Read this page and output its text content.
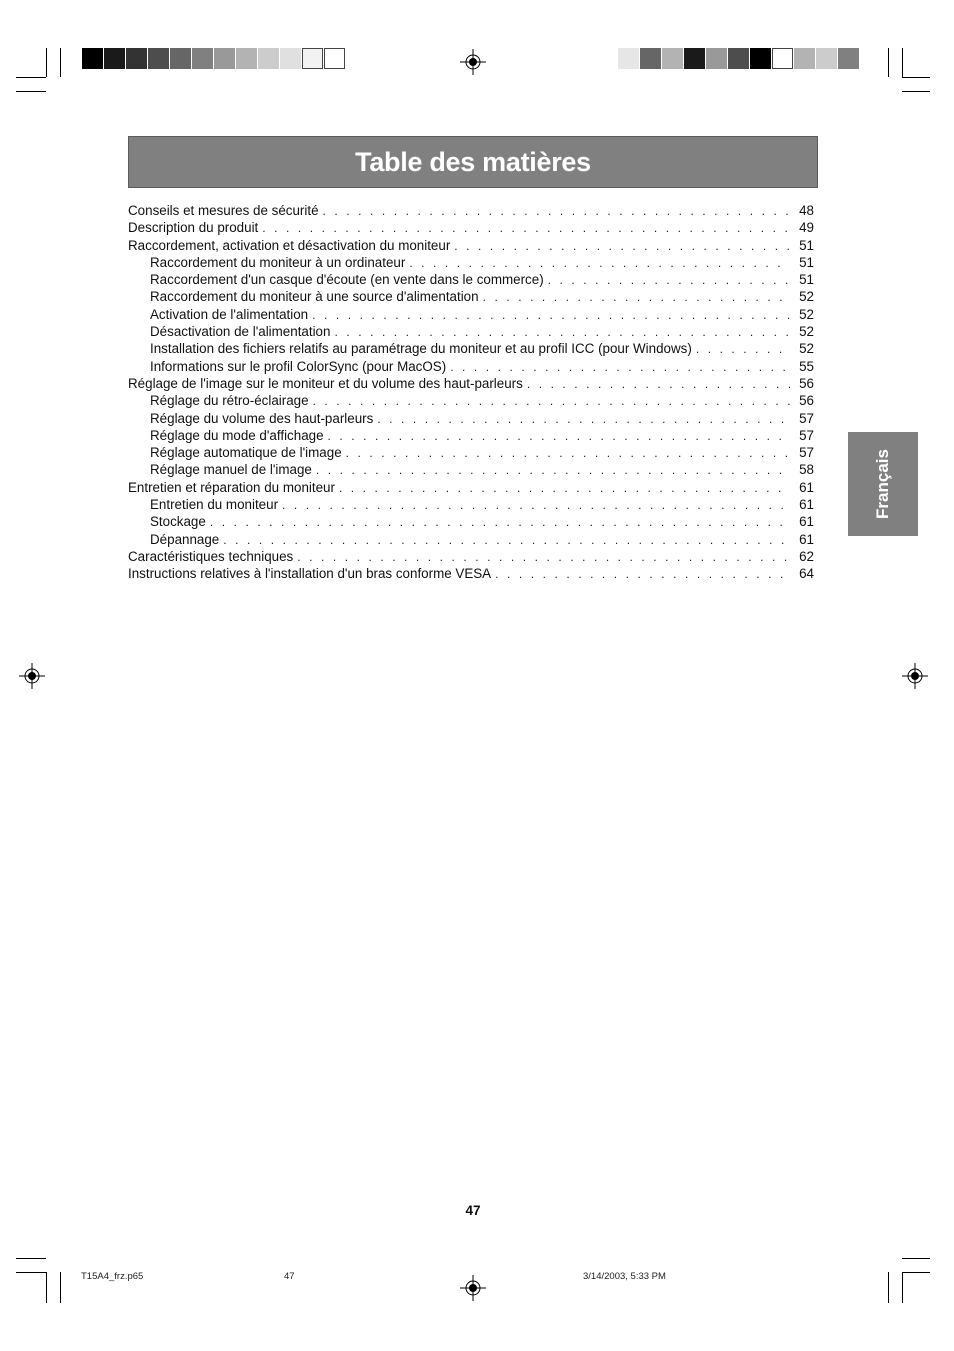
Table des matières
Conseils et mesures de sécurité . . .	48
Description du produit . . .	49
Raccordement, activation et désactivation du moniteur . . .	51
Raccordement du moniteur à un ordinateur . . .	51
Raccordement d'un casque d'écoute (en vente dans le commerce) . . .	51
Raccordement du moniteur à une source d'alimentation . . .	52
Activation de l'alimentation . . .	52
Désactivation de l'alimentation . . .	52
Installation des fichiers relatifs au paramétrage du moniteur et au profil ICC (pour Windows) . . .	52
Informations sur le profil ColorSync (pour MacOS) . . .	55
Réglage de l'image sur le moniteur et du volume des haut-parleurs . . .	56
Réglage du rétro-éclairage . . .	56
Réglage du volume des haut-parleurs . . .	57
Réglage du mode d'affichage . . .	57
Réglage automatique de l'image . . .	57
Réglage manuel de l'image . . .	58
Entretien et réparation du moniteur . . .	61
Entretien du moniteur . . .	61
Stockage . . .	61
Dépannage . . .	61
Caractéristiques techniques . . .	62
Instructions relatives à l'installation d'un bras conforme VESA . . .	64
Français
47
T15A4_frz.p65	47	3/14/2003, 5:33 PM
